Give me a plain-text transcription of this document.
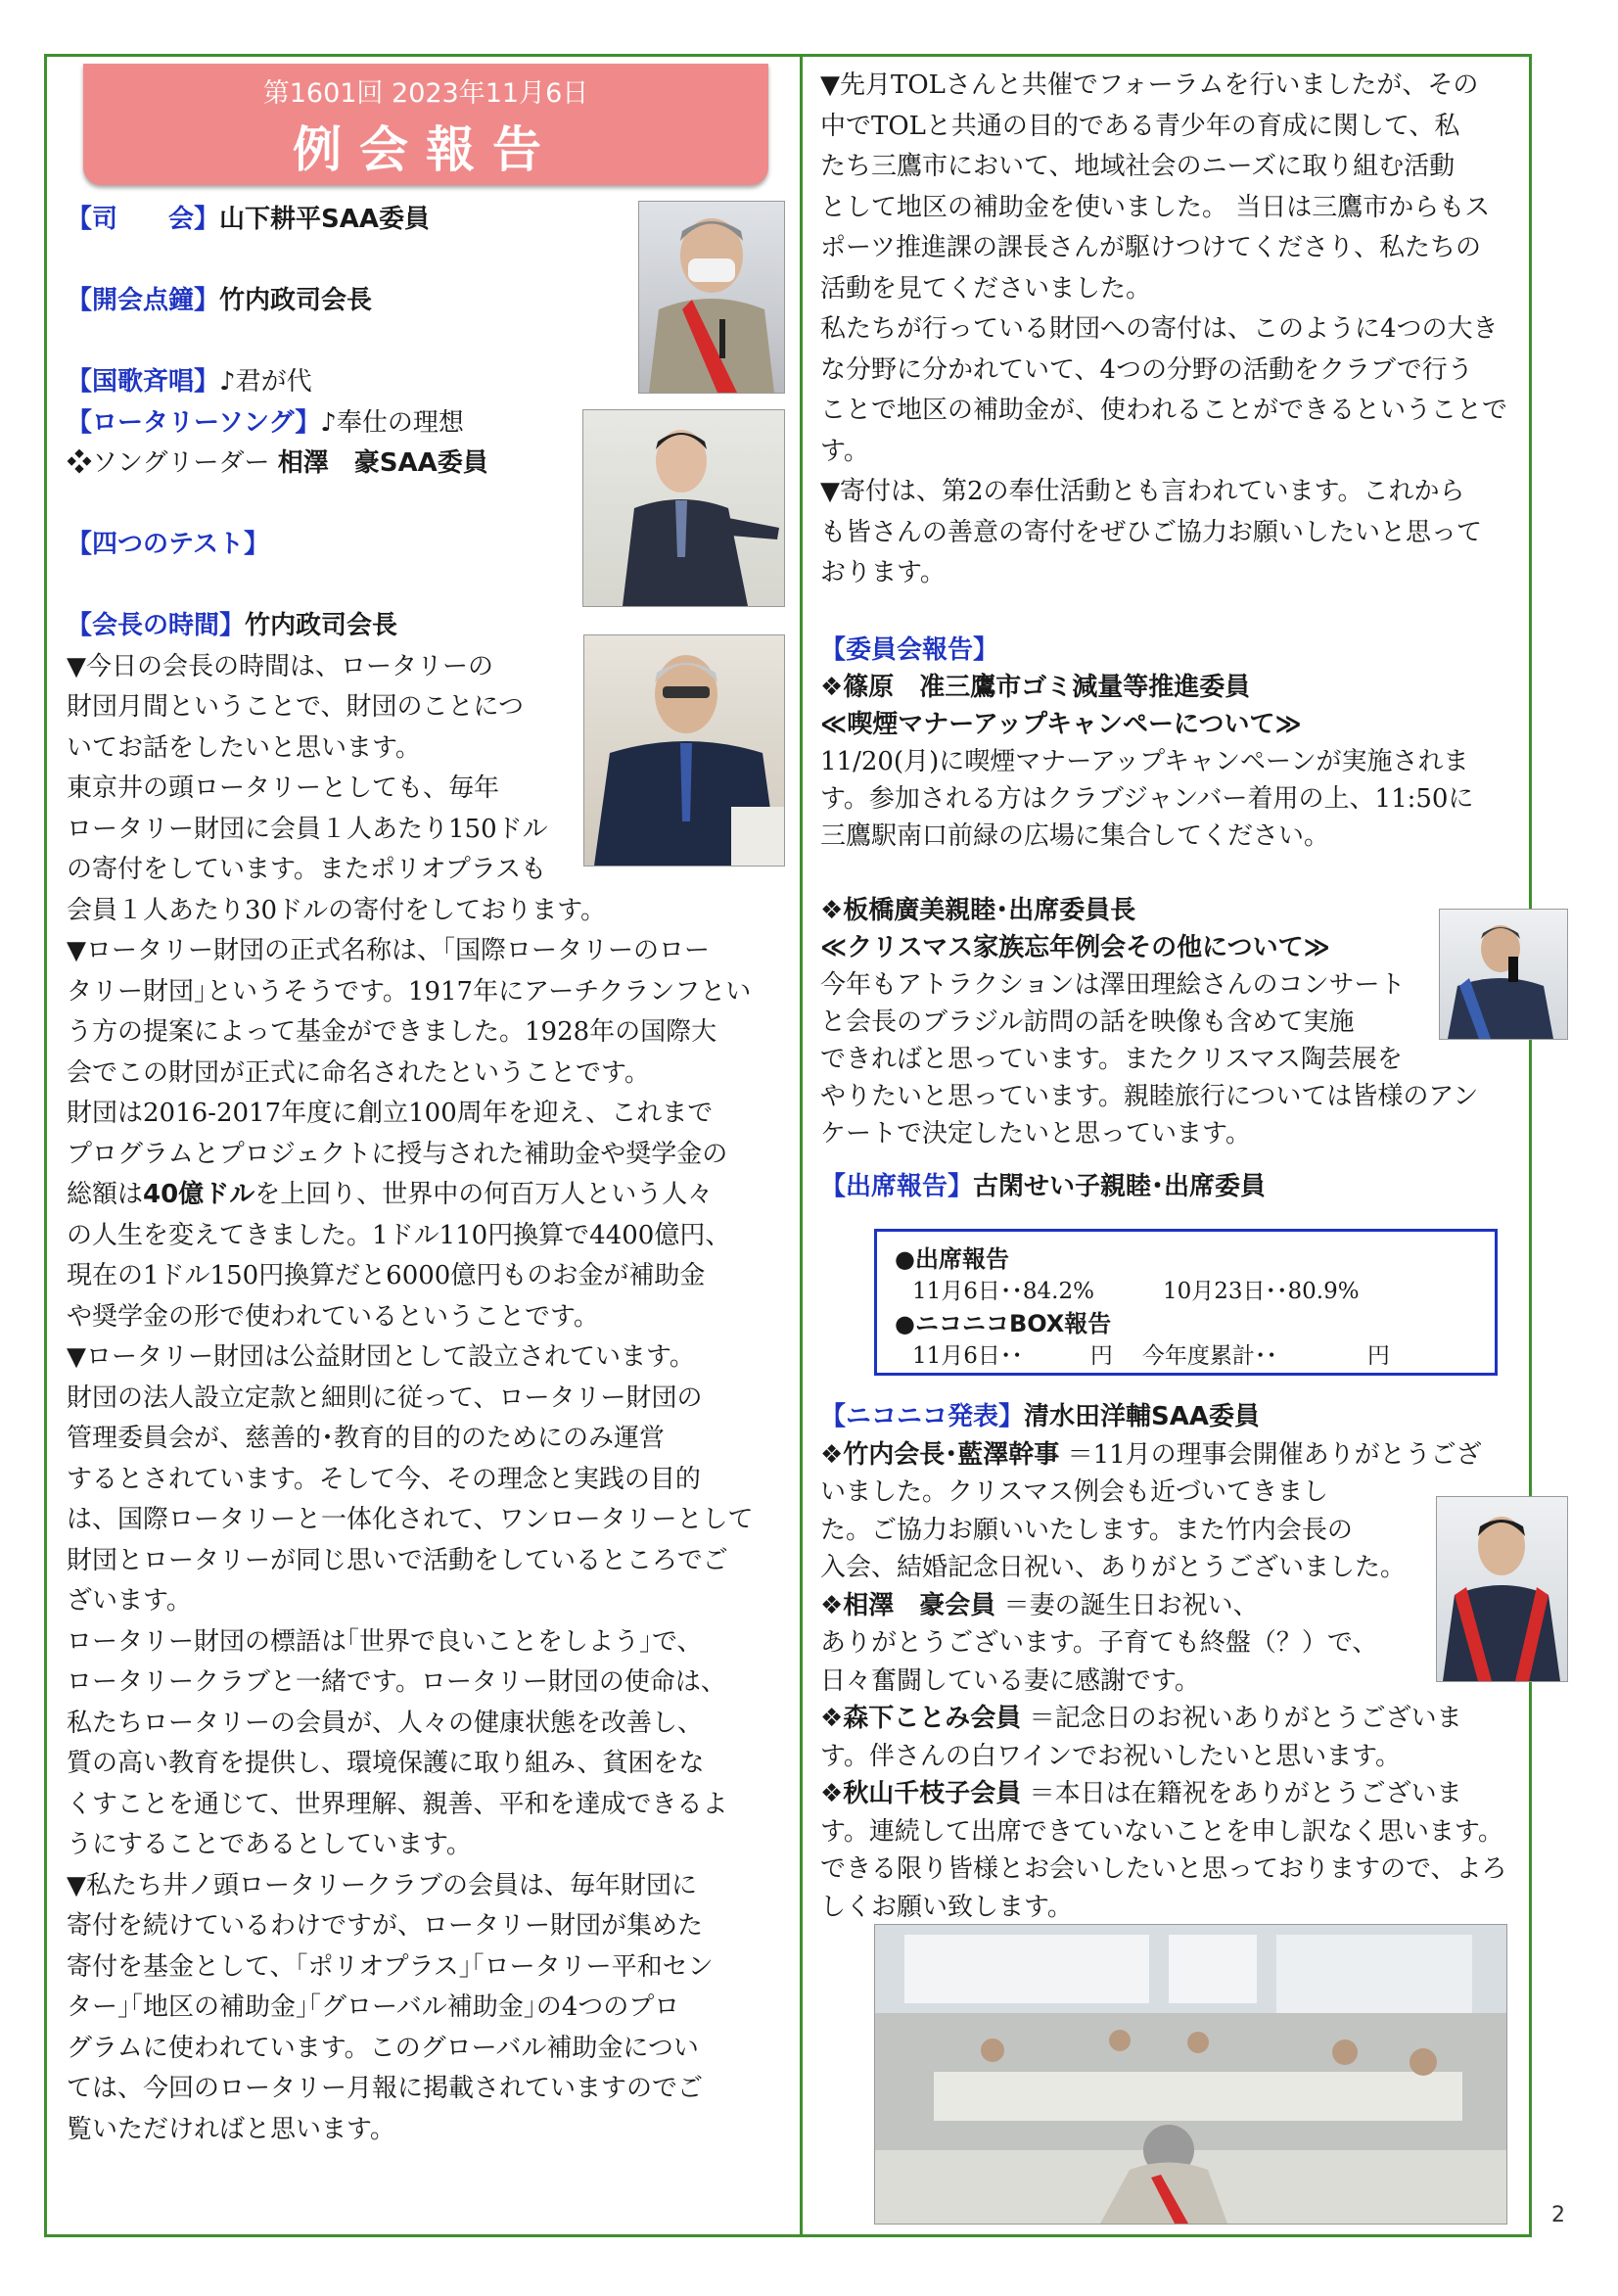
第1601回 2023年11月6日
例会報告

【司　　会】山下耕平SAA委員

【開会点鐘】竹内政司会長

【国歌斉唱】♪君が代

【ロータリーソング】♪奉仕の理想

❖ソングリーダー 相澤　豪SAA委員

【四つのテスト】

【会長の時間】竹内政司会長

▼今日の会長の時間は、ロータリーの

財団月間ということで、財団のことにつ

いてお話をしたいと思います。

東京井の頭ロータリーとしても、毎年

ロータリー財団に会員１人あたり150ドル

の寄付をしています。またポリオプラスも

会員１人あたり30ドルの寄付をしております。

▼ロータリー財団の正式名称は、｢国際ロータリーのロー

タリー財団｣というそうです。1917年にアーチクランフとい

う方の提案によって基金ができました。1928年の国際大

会でこの財団が正式に命名されたということです。

財団は2016-2017年度に創立100周年を迎え、これまで

プログラムとプロジェクトに授与された補助金や奨学金の

総額は40億ドルを上回り、世界中の何百万人という人々

の人生を変えてきました。1ドル110円換算で4400億円、

現在の1ドル150円換算だと6000億円ものお金が補助金

や奨学金の形で使われているということです。

▼ロータリー財団は公益財団として設立されています。

財団の法人設立定款と細則に従って、ロータリー財団の

管理委員会が、慈善的･教育的目的のためにのみ運営

するとされています。そして今、その理念と実践の目的

は、国際ロータリーと一体化されて、ワンロータリーとして

財団とロータリーが同じ思いで活動をしているところでご

ざいます。

ロータリー財団の標語は｢世界で良いことをしよう｣で、

ロータリークラブと一緒です。ロータリー財団の使命は、

私たちロータリーの会員が、人々の健康状態を改善し、

質の高い教育を提供し、環境保護に取り組み、貧困をな

くすことを通じて、世界理解、親善、平和を達成できるよ

うにすることであるとしています。

▼私たち井ノ頭ロータリークラブの会員は、毎年財団に

寄付を続けているわけですが、ロータリー財団が集めた

寄付を基金として、｢ポリオプラス｣｢ロータリー平和セン

ター｣｢地区の補助金｣｢グローバル補助金｣の4つのプロ

グラムに使われています。このグローバル補助金につい

ては、今回のロータリー月報に掲載されていますのでご

覧いただければと思います。

▼先月TOLさんと共催でフォーラムを行いましたが、その

中でTOLと共通の目的である青少年の育成に関して、私

たち三鷹市において、地域社会のニーズに取り組む活動

として地区の補助金を使いました。 当日は三鷹市からもス

ポーツ推進課の課長さんが駆けつけてくださり、私たちの

活動を見てくださいました。

私たちが行っている財団への寄付は、このように4つの大き

な分野に分かれていて、4つの分野の活動をクラブで行う

ことで地区の補助金が、使われることができるということで

す。

▼寄付は、第2の奉仕活動とも言われています。これから

も皆さんの善意の寄付をぜひご協力お願いしたいと思って

おります。

【委員会報告】

❖篠原　准三鷹市ゴミ減量等推進委員

≪喫煙マナーアップキャンペーについて≫

11/20(月)に喫煙マナーアップキャンペーンが実施されま

す。参加される方はクラブジャンバー着用の上、11:50に

三鷹駅南口前緑の広場に集合してください。

❖板橋廣美親睦･出席委員長

≪クリスマス家族忘年例会その他について≫

今年もアトラクションは澤田理絵さんのコンサート

と会長のブラジル訪問の話を映像も含めて実施

できればと思っています。またクリスマス陶芸展を

やりたいと思っています。親睦旅行については皆様のアン

ケートで決定したいと思っています。

【出席報告】古閑せい子親睦･出席委員

●出席報告
11月6日･･84.2%	10月23日･･80.9%
●ニコニコBOX報告
11月6日･･　　　円 今年度累計･･　　　　円

【ニコニコ発表】清水田洋輔SAA委員

❖竹内会長･藍澤幹事 ＝11月の理事会開催ありがとうござ

いました。クリスマス例会も近づいてきまし

た。ご協力お願いいたします。また竹内会長の

入会、結婚記念日祝い、ありがとうございました。

❖相澤　豪会員 ＝妻の誕生日お祝い、

ありがとうございます。子育ても終盤（？）で、

日々奮闘している妻に感謝です。

❖森下ことみ会員 ＝記念日のお祝いありがとうございま

す。伴さんの白ワインでお祝いしたいと思います。

❖秋山千枝子会員 ＝本日は在籍祝をありがとうございま

す。連続して出席できていないことを申し訳なく思います。

できる限り皆様とお会いしたいと思っておりますので、よろ

しくお願い致します。

2
